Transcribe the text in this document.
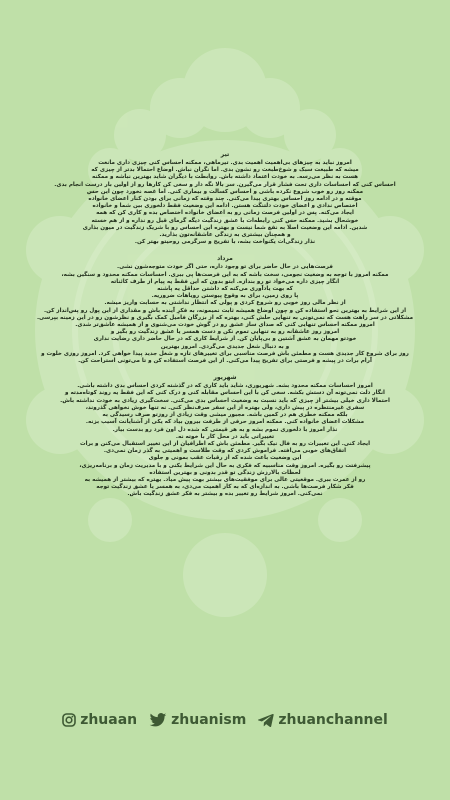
تیر

امروز نباید به چیزهای بی‌اهمیت اهمیت بدی. تیرماهی، ممکنه احساس کنی چیزی داری مانعت
میشه که طبیعت سبک و شوخ‌طبعت رو نشون بدی. اما نگران نباش. اوضاع احتمالا بدتر از چیزی که
هست به نظر می‌رسه. به خودت اعتماد داشته باش. روابطت با دیگران شاید بهترین نباشه و ممکنه
احساس کنی که احساسات داری تحت فشار قرار می‌گیرن. سر بالا نگه دار و سعی کن کارها رو از اولین بار درست انجام بدی.
ممکنه روز رو خوب شروع نکرده باشی و احساس کسالت و بیماری کنی. اما غصه نخورد چون این حس
موقته و در ادامه روز احساس بهتری پیدا می‌کنی. چند وقته که زمانی برای بودن کنار اعضای خانواده
اختصاص ندادی و اعضای خودت دلتنگت هستن. ادامه این وضعیت فقط دلخوری بین شما و خانواده
ایجاد می‌کنه. پس در اولین فرصت زمانی رو به اعضای خانواده اختصاص بده و کاری کن که همه
خوشحال بشید. ممکنه حس کنی رابطه‌ات با عشق زندگیت دیگه گرمای قبل رو نداره و از هم خسته
شدین. ادامه این وضعیت اصلا به نفع شما نیست و بهتره این احساس رو با شریک زندگیت در میون بذاری
و همچنان بیشتری به زندگی عاشقانه‌تون بذارید.
نذار زندگی‌ات یکنواخت بشه، با تفریح و سرگرمی روحیتو بهتر کن.

مرداد

فرصت‌هایی در حال حاضر برای تو وجود داره، حتی اگر خودت متوجه‌شون نشی.
ممکنه امروز با توجه به وضعیت نجومی، سخت باشه که به این فرصت‌ها پی ببری. احساسات ممکنه محدود و سنگین بشه،
انگار چیزی داره می‌خواد تو رو بندازه. ابتو بدون که این فقط یه پیام از طرف کائناته
که بهت یادآوری می‌کنه که داشتن حداقل یه پاشنه
پا روی زمین، برای به وقوع پیوستن رویاهات ضروریه.
از نظر مالی روز خوبی رو شروع کردی و پولی که انتظار نداشتی به حسابت واریز میشه.
از این شرایط به بهترین نحو استفاده کن و چون اوضاع همیشه ثابت نمیمونه، به فکرِ آینده باش و مقداری از این پول رو پس‌انداز کن.
مشکلاتی در سر راهت هست که نمی‌تونی به تنهایی حلش کنی، بهتره که از بزرگان فامیل کمک بگیری و نظرشون رو در این زمینه بپرسی.
امروز ممکنه احساس تنهایی کنی که صدای ساز عشق رو در گوش خودت می‌شنوی و از همیشه عاشق‌تر شدی.
امروز روز عاشقانه رو به تنهایی تموم نکن و دست همسر یا عشق زندگیت رو بگیر و
خودتو مهمان به عشق آشتین و بی‌پایان کن. از شرایط کاری که در حال حاضر داری رضایت نداری
و به دنبال شغل جدیدی می‌گردی. امروز بهترین
روز برای شروع کار جدیدی هست و مطمئن باش فرصت مناسبی برای تغییرهای تازه و شغل جدید پیدا خواهی کرد. امروز روزی خلوت و
آرام برات در پیشه و فرصتی برای تفریح پیدا می‌کنی. از این فرصت استفاده کن و تا می‌تونی استراحت کن.

شهریور

امروز احساسات ممکنه محدود بشه. شهریوری، شاید باید کاری که در گذشته کردی احساس بدی داشته باشی.
انگار دلت نمی‌تونه آن دستش بکشه. سعی کن با این احساس مقابله کنی و درک کنی که این فقط یه روند کوتاه‌مدته و
احتمالا داری خیلی بیشتر از چیزی که باید نسبت به وضعیت احساس بدی می‌کنی. سخت‌گیری زیادی به خودت نداشته باش.
سفری غیرمنتظره در پیش داری، ولی بهتره از این سفر صرف‌نظر کنی. نه تنها خوش نخواهی گذروند،
بلکه ممکنه خطری هم در کمین باشه. مجبور میشی وقت زیادی از روزتو صرف رسیدگی به
مشکلات اعضای خانواده کنی. ممکنه امروز حرفی از طرفت بیرون بیاد که یکی از آشنایانت آسیب بزنه.
نذار امروز با دلخوری تموم بشه و به هر قیمتی که شده دل اون فرد رو بدست بیار.
تغییراتی باید در محل کار با خوته نه.
ایجاد کنی. این تغییرات رو به فال نیک بگیر. مطمئن باش که اطرافیان از این تغییر استقبال می‌کنن و برات
اتفاق‌های خوبی می‌افته. فراموش کردی که وقت طلاست و اهمیتی به گذر زمان نمی‌دی.
این وضعیت باعث شده که از رقبات عقب بمونی و جلوی
پیشرفتت رو بگیره. امروز وقت مناسبیه که فکری به حال این شرایط بکنی و با مدیریت زمان و برنامه‌ریزی،
لحظات بالارزش زندگی تو قدر بدونی و بهترین استفاده
رو از عمرت ببری. موقعیتی عالی برای موفقیت‌های بیشتر بهت پیش میاد. بهتره که بیشتر از همیشه به
فکر شکار فرصت‌ها باشی. به اندازه‌ای که به کار اهمیت می‌دی، به همسر یا عشق زندگیت توجه
نمی‌کنی. امروز شرایط رو تغییر بده و بیشتر به فکر عشق زندگیت باش.

zhuaan zhuanism zhuanchannel
